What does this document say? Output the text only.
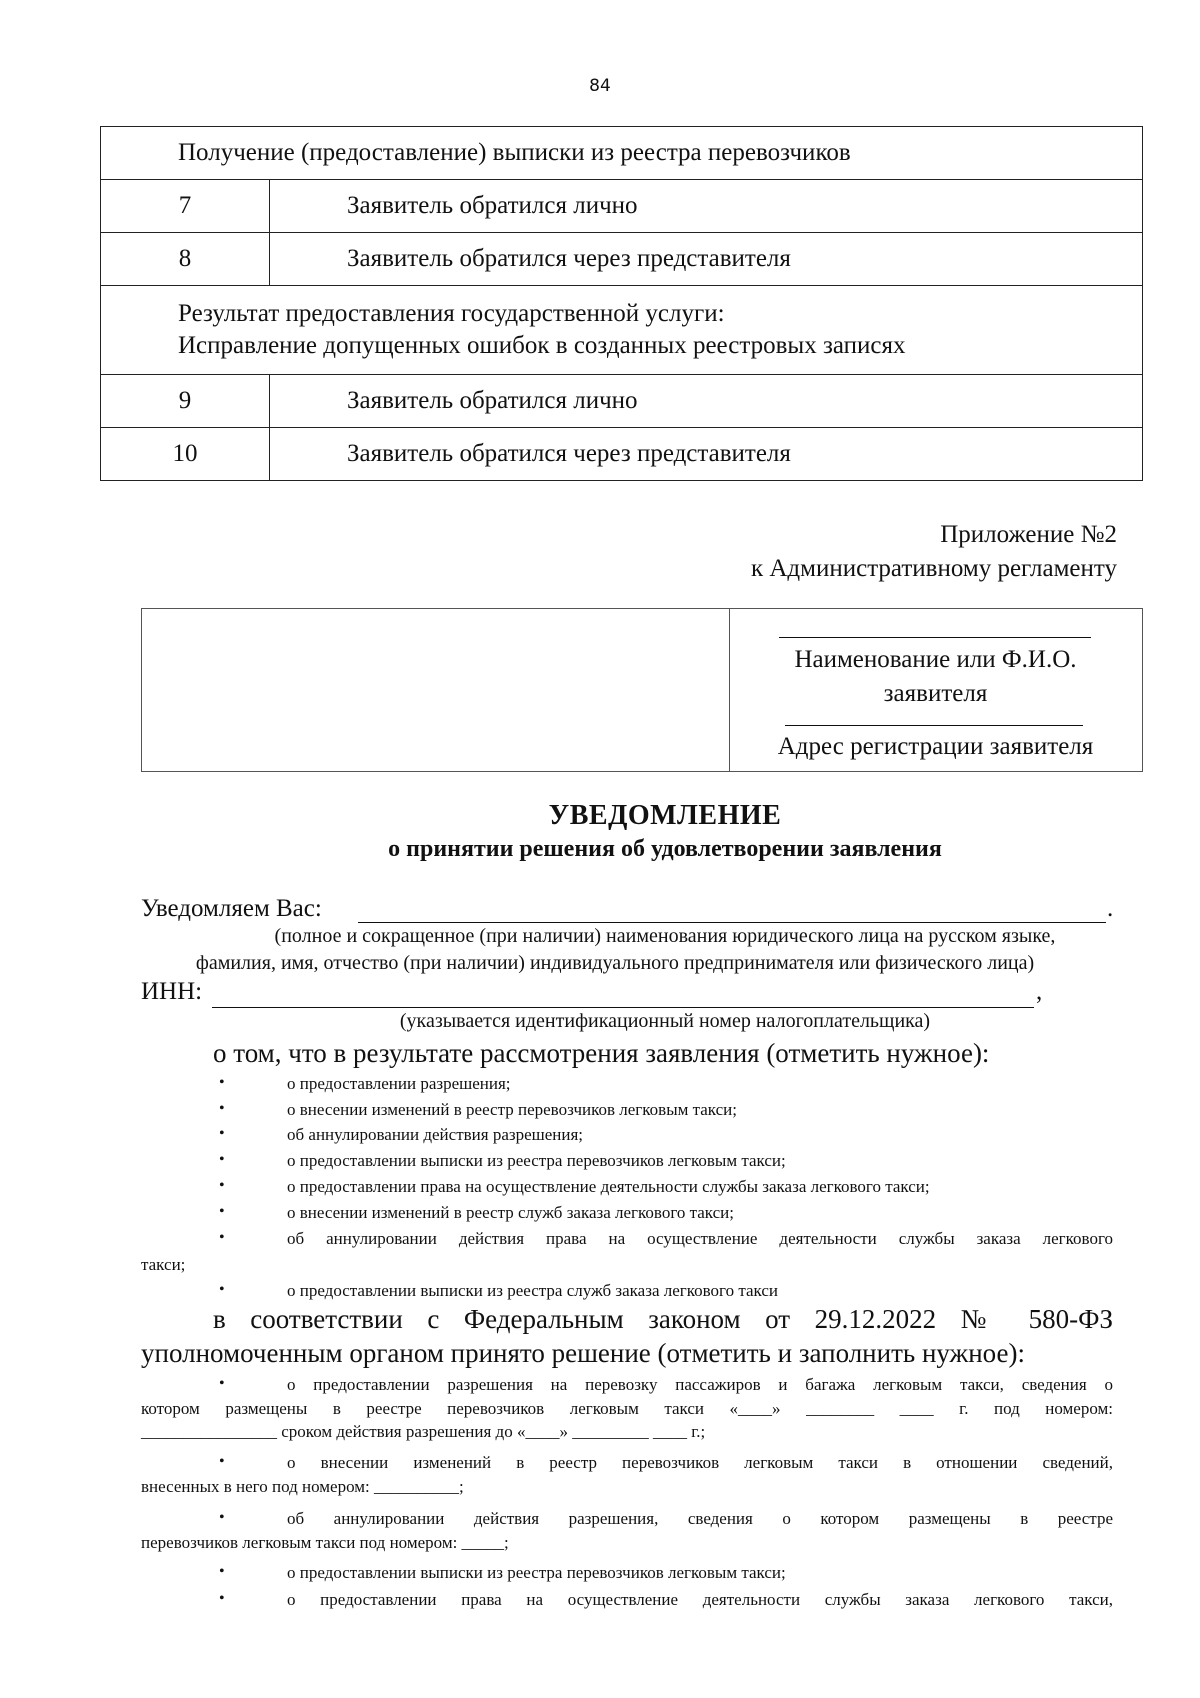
84
Получение (предоставление) выписки из реестра перевозчиков	
7	Заявитель обратился лично
8	Заявитель обратился через представителя

Результат предоставления государственной услуги:
Исправление допущенных ошибок в созданных реестровых записях	

9	Заявитель обратился лично
10	Заявитель обратился через представителя
Приложение №2
к Административному регламенту
Наименование или Ф.И.О.
заявителя
Адрес регистрации заявителя
УВЕДОМЛЕНИЕ
о принятии решения об удовлетворении заявления
Уведомляем Вас:	.
(полное и сокращенное (при наличии) наименования юридического лица на русском языке,
фамилия, имя, отчество (при наличии) индивидуального предпринимателя или физического лица)
ИНН:	,
(указывается идентификационный номер налогоплательщика)
о том, что в результате рассмотрения заявления (отметить нужное):
•	о предоставлении разрешения;
•	о внесении изменений в реестр перевозчиков легковым такси;
•	об аннулировании действия разрешения;
•	о предоставлении выписки из реестра перевозчиков легковым такси;
•	о предоставлении права на осуществление деятельности службы заказа легкового такси;
•	о внесении изменений в реестр служб заказа легкового такси;
•	об аннулировании действия права на осуществление деятельности службы заказа легкового
такси;
•	о предоставлении выписки из реестра служб заказа легкового такси
в соответствии с Федеральным законом от 29.12.2022 № 580-ФЗ
уполномоченным органом принято решение (отметить и заполнить нужное):
•	о предоставлении разрешения на перевозку пассажиров и багажа легковым такси, сведения о
котором размещены в реестре перевозчиков легковым такси «____» ________ ____ г. под номером:
________________ сроком действия разрешения до «____» _________ ____ г.;
•	о внесении изменений в реестр перевозчиков легковым такси в отношении сведений,
внесенных в него под номером: __________;
•	об аннулировании действия разрешения, сведения о котором размещены в реестре
перевозчиков легковым такси под номером: _____;
•	о предоставлении выписки из реестра перевозчиков легковым такси;
•	о предоставлении права на осуществление деятельности службы заказа легкового такси,
